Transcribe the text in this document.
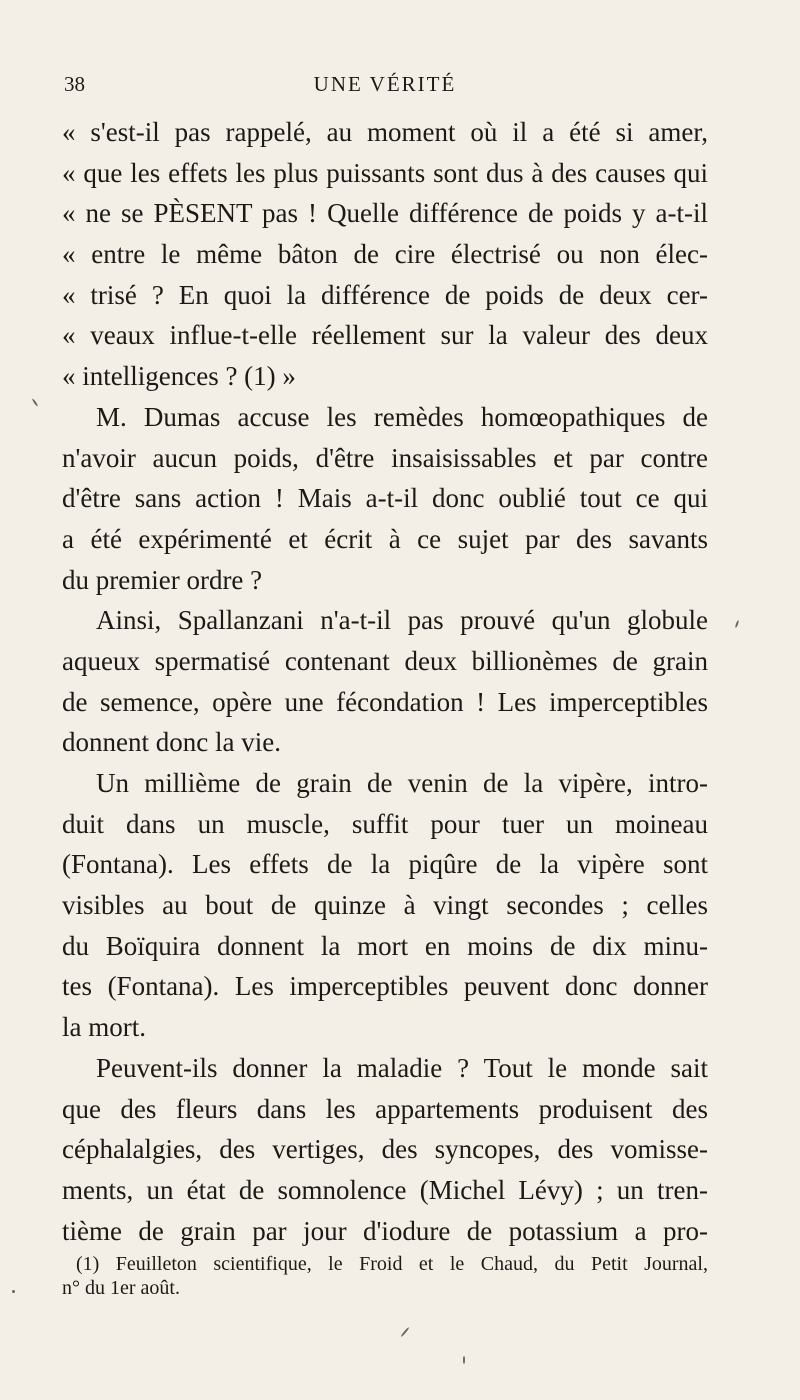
38	UNE VÉRITÉ
« s'est-il pas rappelé, au moment où il a été si amer,
« que les effets les plus puissants sont dus à des causes qui
« ne se PÈSENT pas ! Quelle différence de poids y a-t-il
« entre le même bâton de cire électrisé ou non élec-
« trisé ? En quoi la différence de poids de deux cer-
« veaux influe-t-elle réellement sur la valeur des deux
« intelligences ? (1) »
M. Dumas accuse les remèdes homœopathiques de
n'avoir aucun poids, d'être insaisissables et par contre
d'être sans action ! Mais a-t-il donc oublié tout ce qui
a été expérimenté et écrit à ce sujet par des savants
du premier ordre ?
Ainsi, Spallanzani n'a-t-il pas prouvé qu'un globule
aqueux spermatisé contenant deux billionèmes de grain
de semence, opère une fécondation ! Les imperceptibles
donnent donc la vie.
Un millième de grain de venin de la vipère, intro-
duit dans un muscle, suffit pour tuer un moineau
(Fontana). Les effets de la piqûre de la vipère sont
visibles au bout de quinze à vingt secondes ; celles
du Boïquira donnent la mort en moins de dix minu-
tes (Fontana). Les imperceptibles peuvent donc donner
la mort.
Peuvent-ils donner la maladie ? Tout le monde sait
que des fleurs dans les appartements produisent des
céphalalgies, des vertiges, des syncopes, des vomisse-
ments, un état de somnolence (Michel Lévy) ; un tren-
tième de grain par jour d'iodure de potassium a pro-
(1) Feuilleton scientifique, le Froid et le Chaud, du Petit Journal,
n° du 1er août.
